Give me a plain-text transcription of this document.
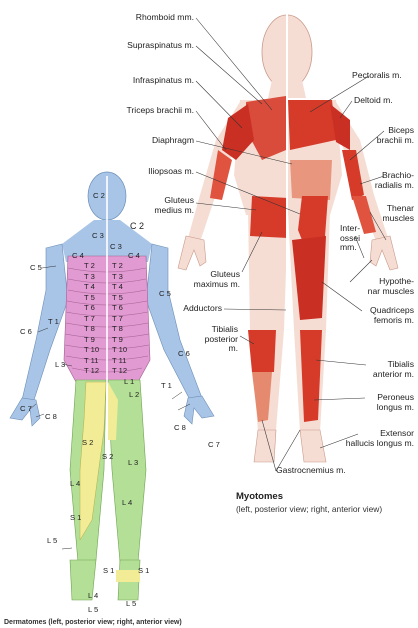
Rhomboid mm.
Supraspinatus m.
Infraspinatus m.
Triceps brachii m.
Diaphragm
Iliopsoas m.
Gluteus
medius m.
Gluteus
maximus m.
Adductors
Tibialis
posterior
m.
Pectoralis m.
Deltoid m.
Biceps
brachii m.
Brachio-
radialis m.
Thenar
muscles
Inter-
ossei
mm.
Hypothe-
nar muscles
Quadriceps
femoris m.
Tibialis
anterior m.
Peroneus
longus m.
Extensor
hallucis longus m.
Gastrocnemius m.
Myotomes
(left, posterior view; right, anterior view)
C 2
C 2
C 3
C 3
C 4	C 4
C 5
C 5
C 6
C 6
C 7
C 7
C 8
C 8
T 1
T 1
T 2
T 3
T 4
T 5
T 6
T 7
T 8
T 9
T 10
T 11
T 12
T 2
T 3
T 4
T 5
T 6
T 7
T 8
T 9
T 10
T 11
T 12
L 1
L 2
L 3
L 3
L 4
L 4
L 4
L 5
L 5
L 5
S 1
S 1
S 1
S 2
S 2
Dermatomes (left, posterior view; right, anterior view)
